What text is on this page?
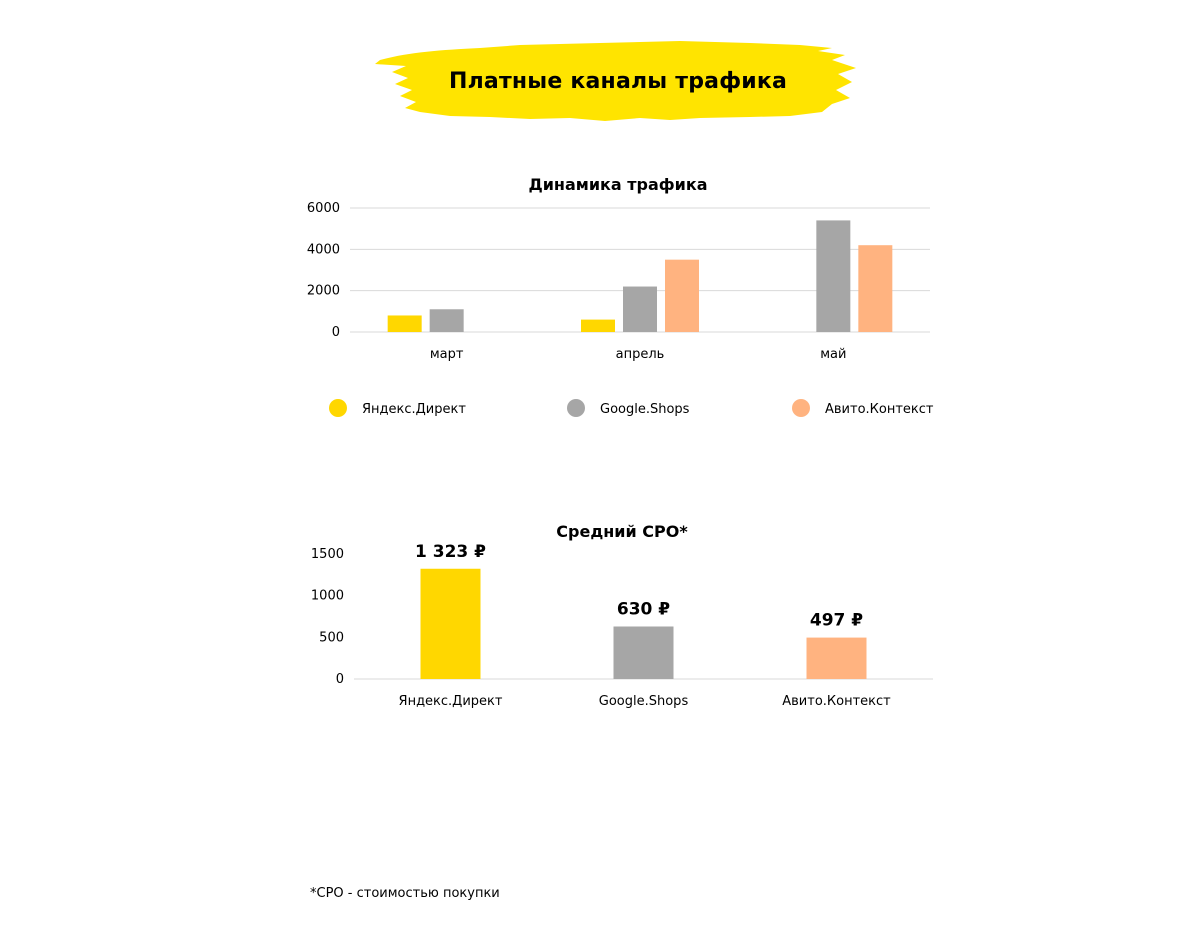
Платные каналы трафика
Динамика трафика
0
2000
4000
6000
март	апрель	май
Яндекс.Директ	Google.Shops	Авито.Контекст
Средний CPO*
0
500
1000
1500	1 323 ₽
630 ₽
497 ₽
Яндекс.Директ	Google.Shops	Авито.Контекст
*CPO - стоимостью покупки
